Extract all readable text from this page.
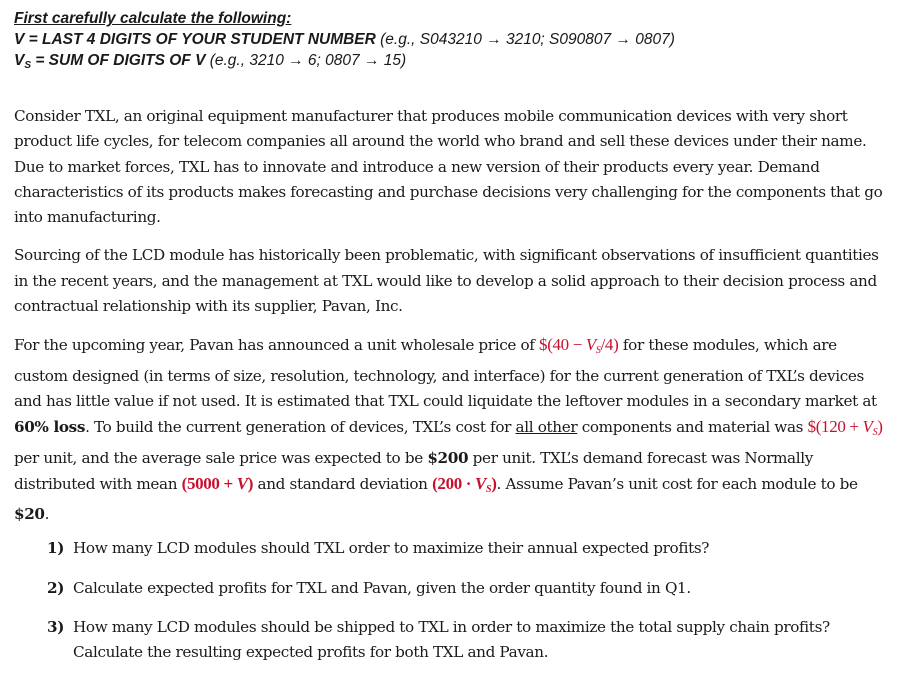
First carefully calculate the following:
V = LAST 4 DIGITS OF YOUR STUDENT NUMBER (e.g., S043210 → 3210; S090807 → 0807)
$V_S$ = SUM OF DIGITS OF V (e.g., 3210 → 6; 0807 → 15)

Consider TXL, an original equipment manufacturer that produces mobile communication devices with very short product life cycles, for telecom companies all around the world who brand and sell these devices under their name. Due to market forces, TXL has to innovate and introduce a new version of their products every year. Demand characteristics of its products makes forecasting and purchase decisions very challenging for the components that go into manufacturing.

Sourcing of the LCD module has historically been problematic, with significant observations of insufficient quantities in the recent years, and the management at TXL would like to develop a solid approach to their decision process and contractual relationship with its supplier, Pavan, Inc.

For the upcoming year, Pavan has announced a unit wholesale price of $(40 − $V_S/4$) for these modules, which are custom designed (in terms of size, resolution, technology, and interface) for the current generation of TXL’s devices and has little value if not used. It is estimated that TXL could liquidate the leftover modules in a secondary market at 60% loss. To build the current generation of devices, TXL’s cost for all other components and material was $(120 + $V_S$) per unit, and the average sale price was expected to be $200 per unit. TXL’s demand forecast was Normally distributed with mean (5000 + V) and standard deviation $(200 \cdot V_S)$. Assume Pavan’s unit cost for each module to be $20.

1) How many LCD modules should TXL order to maximize their annual expected profits?
2) Calculate expected profits for TXL and Pavan, given the order quantity found in Q1.
3) How many LCD modules should be shipped to TXL in order to maximize the total supply chain profits? Calculate the resulting expected profits for both TXL and Pavan.
